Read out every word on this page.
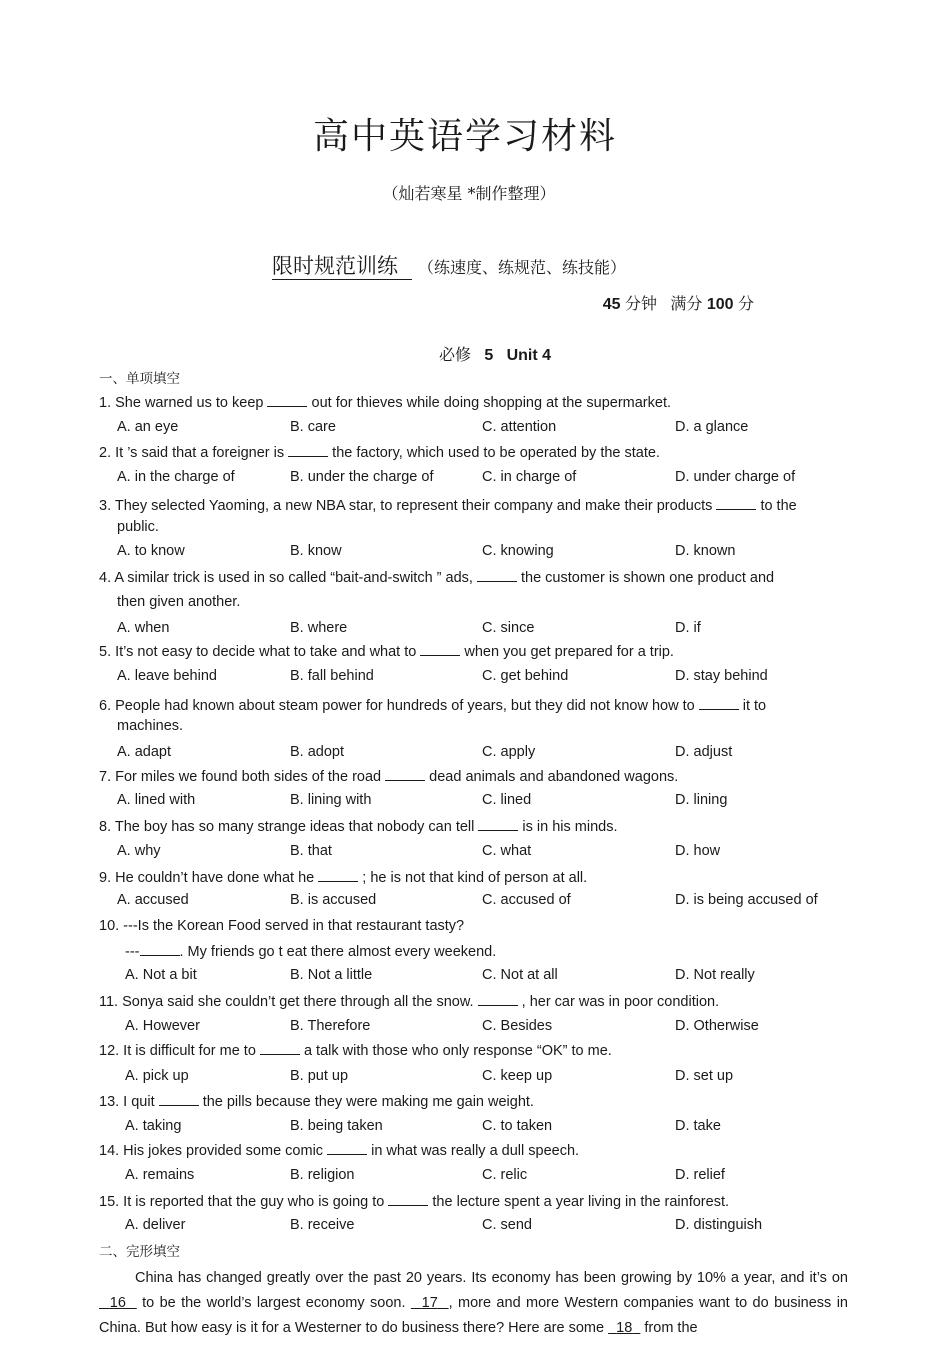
高中英语学习材料
（灿若寒星 *制作整理）
限时规范训练 （练速度、练规范、练技能）
45 分钟 满分 100 分
必修 5 Unit 4
一、单项填空
1. She warned us to keep	out for thieves while doing shopping at the supermarket.
A. an eye	B. care	C. attention	D. a glance
2. It ’s said that a foreigner is	the factory, which used to be operated by the state.
A. in the charge of	B. under the charge of	C. in charge of	D. under charge of
3. They selected Yaoming, a new NBA star, to represent their company and make their products	to the
public.
A. to know	B. know	C. knowing	D. known
4. A similar trick is used in so called “bait-and-switch ” ads,	the customer is shown one product and
then given another.
A. when	B. where	C. since	D. if
5. It’s not easy to decide what to take and what to	when you get prepared for a trip.
A. leave behind	B. fall behind	C. get behind	D. stay behind
6. People had known about steam power for hundreds of years, but they did not know how to	it to
machines.
A. adapt	B. adopt	C. apply	D. adjust
7. For miles we found both sides of the road	dead animals and abandoned wagons.
A. lined with	B. lining with	C. lined	D. lining
8. The boy has so many strange ideas that nobody can tell	is in his minds.
A. why	B. that	C. what	D. how
9. He couldn’t have done what he	; he is not that kind of person at all.
A. accused	B. is accused	C. accused of	D. is being accused of
10. ---Is the Korean Food served in that restaurant tasty?
---	. My friends go t eat there almost every weekend.
A. Not a bit	B. Not a little	C. Not at all	D. Not really
11. Sonya said she couldn’t get there through all the snow.	, her car was in poor condition.
A. However	B. Therefore	C. Besides	D. Otherwise
12. It is difficult for me to	a talk with those who only response “OK” to me.
A. pick up	B. put up	C. keep up	D. set up
13. I quit	the pills because they were making me gain weight.
A. taking	B. being taken	C. to taken	D. take
14. His jokes provided some comic	in what was really a dull speech.
A. remains	B. religion	C. relic	D. relief
15. It is reported that the guy who is going to	the lecture spent a year living in the rainforest.
A. deliver	B. receive	C. send	D. distinguish
二、完形填空
China has changed greatly over the past 20 years. Its economy has been growing by 10% a year, and it’s on   16 to be the world’s largest economy soon. 17 , more and more Western companies want to do business in China. But how easy is it for a Westerner to do business there? Here are some 18 from the
